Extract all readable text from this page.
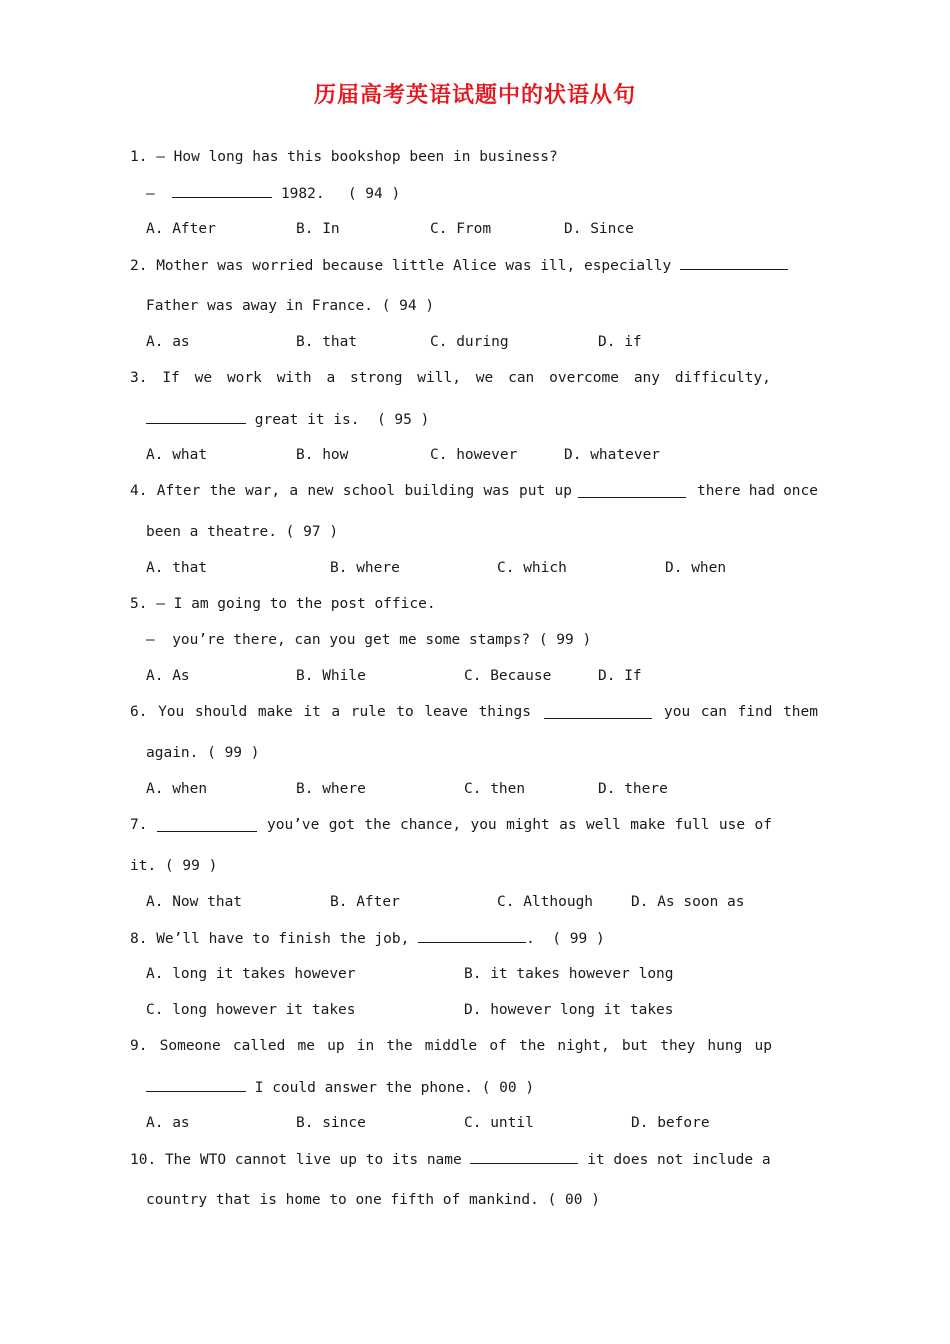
历届高考英语试题中的状语从句
1. — How long has this bookshop been in business?
—	1982.　 ( 94 )
A. After	B. In	C. From	D. Since
2. Mother was worried because little Alice was ill, especially
Father was away in France. ( 94 )
A. as	B. that	C. during	D. if
3. If we work with a strong will, we can overcome any difficulty,
great it is.  ( 95 )
A. what	B. how	C. however	D. whatever
4. After the war, a new school building was put up	there had once
been a theatre. ( 97 )
A. that	B. where	C. which	D. when
5. — I am going to the post office.
—  you’re there, can you get me some stamps? ( 99 )
A. As	B. While	C. Because	D. If
6. You should make it a rule to leave things	you can find them
again. ( 99 )
A. when	B. where	C. then	D. there
7.	you’ve got the chance, you might as well make full use of
it. ( 99 )
A. Now that	B. After	C. Although	D. As soon as
8. We’ll have to finish the job,	.  ( 99 )
A. long it takes however	B. it takes however long
C. long however it takes	D. however long it takes
9. Someone called me up in the middle of the night, but they hung up
I could answer the phone. ( 00 )
A. as	B. since	C. until	D. before
10. The WTO cannot live up to its name	it does not include a
country that is home to one fifth of mankind. ( 00 )
